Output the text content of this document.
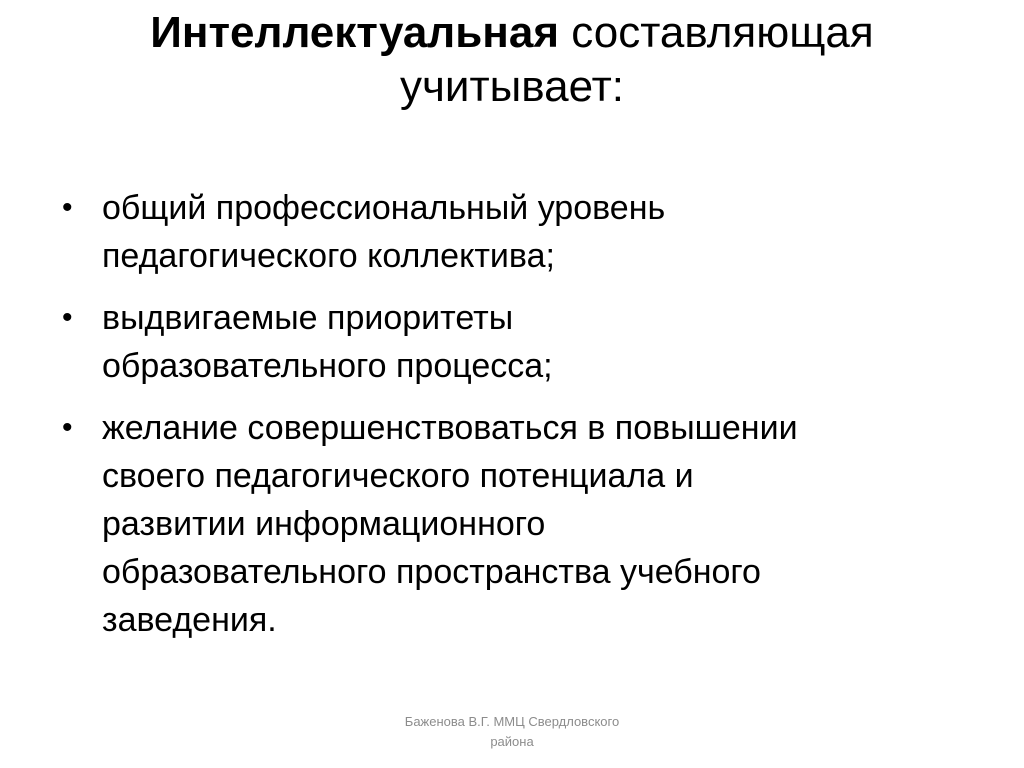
Интеллектуальная составляющая
учитывает:
• общий профессиональный уровень
педагогического коллектива;
• выдвигаемые приоритеты
образовательного процесса;
• желание совершенствоваться в повышении
своего педагогического потенциала и
развитии информационного
образовательного пространства учебного
заведения.
Баженова В.Г. ММЦ Свердловского
района
